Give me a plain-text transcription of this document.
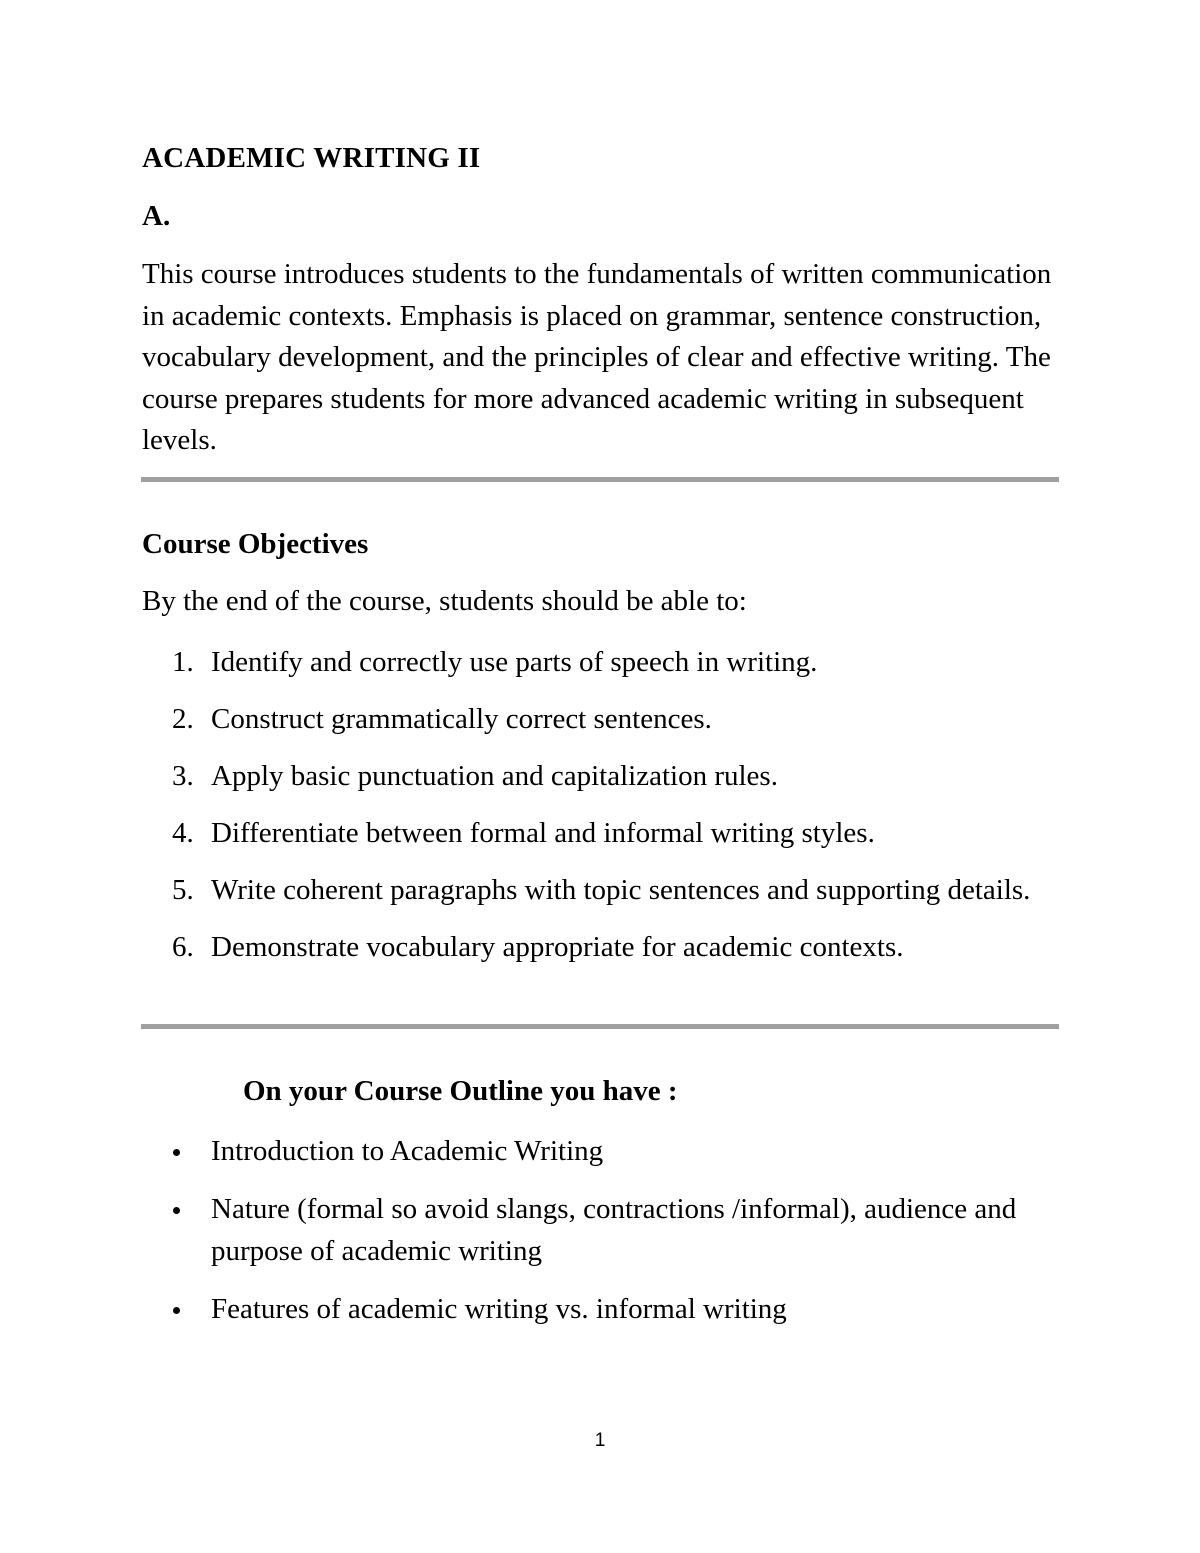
ACADEMIC WRITING II
A.
This course introduces students to the fundamentals of written communication in academic contexts. Emphasis is placed on grammar, sentence construction, vocabulary development, and the principles of clear and effective writing. The course prepares students for more advanced academic writing in subsequent levels.
Course Objectives
By the end of the course, students should be able to:
1. Identify and correctly use parts of speech in writing.
2. Construct grammatically correct sentences.
3. Apply basic punctuation and capitalization rules.
4. Differentiate between formal and informal writing styles.
5. Write coherent paragraphs with topic sentences and supporting details.
6. Demonstrate vocabulary appropriate for academic contexts.
On your Course Outline you have :
Introduction to Academic Writing
Nature (formal so avoid slangs, contractions /informal), audience and purpose of academic writing
Features of academic writing vs. informal writing
1
